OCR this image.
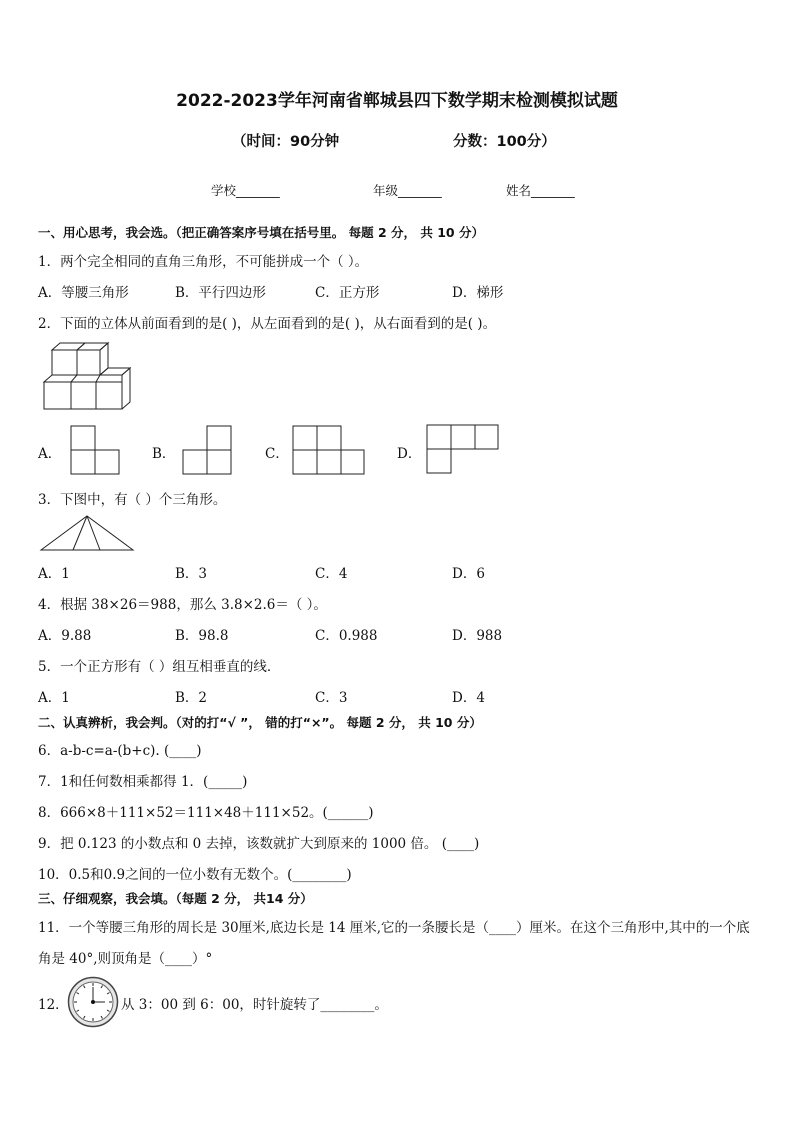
2022-2023学年河南省郸城县四下数学期末检测模拟试题
（时间：90分钟	分数：100分）
学校_______	年级_______	姓名_______
一、用心思考，我会选。（把正确答案序号填在括号里。 每题 2 分， 共 10 分）
1．两个完全相同的直角三角形，不可能拼成一个（ ）。
A．等腰三角形	B．平行四边形	C．正方形	D．梯形
2．下面的立体从前面看到的是( )，从左面看到的是( )，从右面看到的是( )。
A．	B．	C．	D．
3．下图中，有（ ）个三角形。
A．1	B．3	C．4	D．6
4．根据 38×26＝988，那么 3.8×2.6＝（ ）。
A．9.88	B．98.8	C．0.988	D．988
5．一个正方形有（ ）组互相垂直的线．
A．1	B．2	C．3	D．4
二、认真辨析，我会判。（对的打“√ ”， 错的打“×”。 每题 2 分， 共 10 分）
6．a-b-c=a-(b+c). (____)
7．1和任何数相乘都得 1．(_____)
8．666×8＋111×52＝111×48＋111×52。(______)
9．把 0.123 的小数点和 0 去掉，该数就扩大到原来的 1000 倍。 (____)
10．0.5和0.9之间的一位小数有无数个。(________)
三、仔细观察，我会填。（每题 2 分， 共14 分）
11．一个等腰三角形的周长是 30厘米,底边长是 14 厘米,它的一条腰长是（____）厘米。在这个三角形中,其中的一个底
角是 40°,则顶角是（____）°
12．	从 3：00 到 6：00，时针旋转了________。
